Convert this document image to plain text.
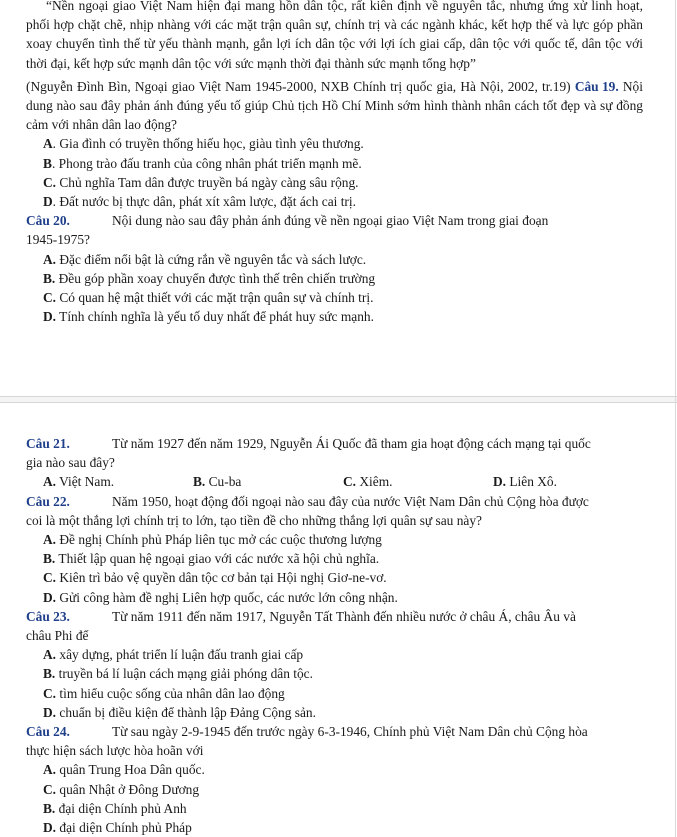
“Nền ngoại giao Việt Nam hiện đại mang hồn dân tộc, rất kiên định về nguyên tắc, nhưng ứng xử linh hoạt, phối hợp chặt chẽ, nhịp nhàng với các mặt trận quân sự, chính trị và các ngành khác, kết hợp thế và lực góp phần xoay chuyển tình thế từ yếu thành mạnh, gắn lợi ích dân tộc với lợi ích giai cấp, dân tộc với quốc tế, dân tộc với thời đại, kết hợp sức mạnh dân tộc với sức mạnh thời đại thành sức mạnh tổng hợp”

(Nguyễn Đình Bìn, Ngoại giao Việt Nam 1945-2000, NXB Chính trị quốc gia, Hà Nội, 2002, tr.19) Câu 19. Nội dung nào sau đây phản ánh đúng yếu tố giúp Chủ tịch Hồ Chí Minh sớm hình thành nhân cách tốt đẹp và sự đồng cảm với nhân dân lao động?

A. Gia đình có truyền thống hiếu học, giàu tình yêu thương.

B. Phong trào đấu tranh của công nhân phát triển mạnh mẽ.

C. Chủ nghĩa Tam dân được truyền bá ngày càng sâu rộng.

D. Đất nước bị thực dân, phát xít xâm lược, đặt ách cai trị.

Câu 20.	Nội dung nào sau đây phản ánh đúng về nền ngoại giao Việt Nam trong giai đoạn

1945-1975?

A. Đặc điểm nổi bật là cứng rắn về nguyên tắc và sách lược.

B. Đều góp phần xoay chuyển được tình thế trên chiến trường

C. Có quan hệ mật thiết với các mặt trận quân sự và chính trị.

D. Tính chính nghĩa là yếu tố duy nhất để phát huy sức mạnh.

Câu 21.	Từ năm 1927 đến năm 1929, Nguyễn Ái Quốc đã tham gia hoạt động cách mạng tại quốc

gia nào sau đây?

A. Việt Nam.	B. Cu-ba	C. Xiêm.	D. Liên Xô.

Câu 22.	Năm 1950, hoạt động đối ngoại nào sau đây của nước Việt Nam Dân chủ Cộng hòa được

coi là một thắng lợi chính trị to lớn, tạo tiền đề cho những thắng lợi quân sự sau này?

A. Đề nghị Chính phủ Pháp liên tục mở các cuộc thương lượng

B. Thiết lập quan hệ ngoại giao với các nước xã hội chủ nghĩa.

C. Kiên trì bảo vệ quyền dân tộc cơ bản tại Hội nghị Giơ-ne-vơ.

D. Gửi công hàm đề nghị Liên hợp quốc, các nước lớn công nhận.

Câu 23.	Từ năm 1911 đến năm 1917, Nguyễn Tất Thành đến nhiều nước ở châu Á, châu Âu và

châu Phi để

A. xây dựng, phát triển lí luận đấu tranh giai cấp

B. truyền bá lí luận cách mạng giải phóng dân tộc.

C. tìm hiểu cuộc sống của nhân dân lao động

D. chuẩn bị điều kiện để thành lập Đảng Cộng sản.

Câu 24.	Từ sau ngày 2-9-1945 đến trước ngày 6-3-1946, Chính phủ Việt Nam Dân chủ Cộng hòa

thực hiện sách lược hòa hoãn với

A. quân Trung Hoa Dân quốc.

C. quân Nhật ở Đông Dương

B. đại diện Chính phủ Anh

D. đại diện Chính phủ Pháp
